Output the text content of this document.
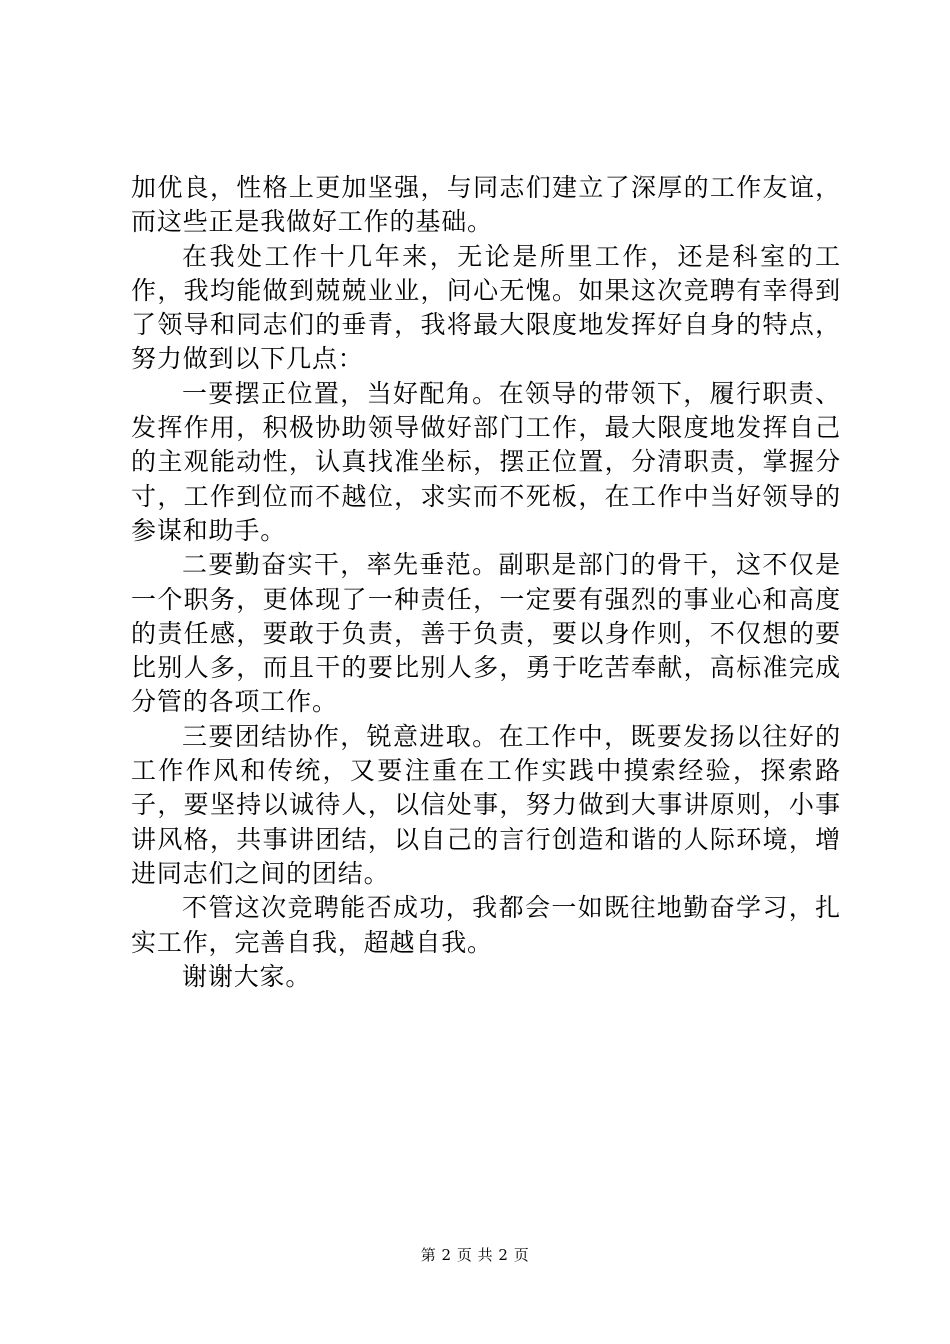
加优良，性格上更加坚强，与同志们建立了深厚的工作友谊，而这些正是我做好工作的基础。

在我处工作十几年来，无论是所里工作，还是科室的工作，我均能做到兢兢业业，问心无愧。如果这次竞聘有幸得到了领导和同志们的垂青，我将最大限度地发挥好自身的特点，努力做到以下几点：

一要摆正位置，当好配角。在领导的带领下，履行职责、发挥作用，积极协助领导做好部门工作，最大限度地发挥自己的主观能动性，认真找准坐标，摆正位置，分清职责，掌握分寸，工作到位而不越位，求实而不死板，在工作中当好领导的参谋和助手。

二要勤奋实干，率先垂范。副职是部门的骨干，这不仅是一个职务，更体现了一种责任，一定要有强烈的事业心和高度的责任感，要敢于负责，善于负责，要以身作则，不仅想的要比别人多，而且干的要比别人多，勇于吃苦奉献，高标准完成分管的各项工作。

三要团结协作，锐意进取。在工作中，既要发扬以往好的工作作风和传统，又要注重在工作实践中摸索经验，探索路子，要坚持以诚待人，以信处事，努力做到大事讲原则，小事讲风格，共事讲团结，以自己的言行创造和谐的人际环境，增进同志们之间的团结。

不管这次竞聘能否成功，我都会一如既往地勤奋学习，扎实工作，完善自我，超越自我。

谢谢大家。

第 2 页 共 2 页
